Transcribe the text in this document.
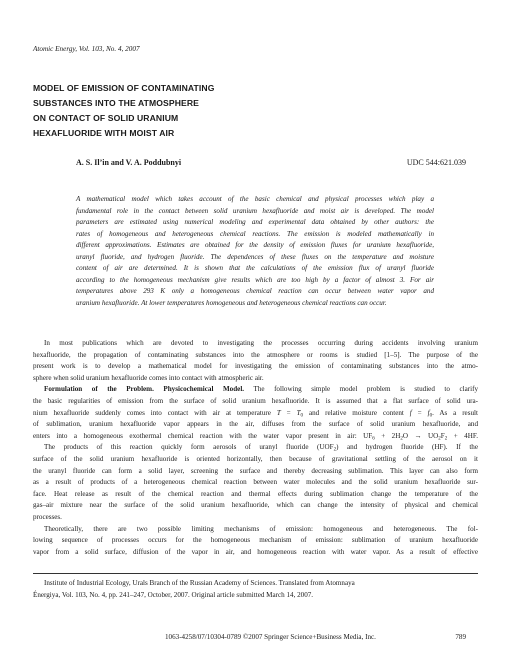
Atomic Energy, Vol. 103, No. 4, 2007
MODEL OF EMISSION OF CONTAMINATING
SUBSTANCES INTO THE ATMOSPHERE
ON CONTACT OF SOLID URANIUM
HEXAFLUORIDE WITH MOIST AIR
A. S. Il’in and V. A. Poddubnyi	UDC 544:621.039
A mathematical model which takes account of the basic chemical and physical processes which play a
fundamental role in the contact between solid uranium hexafluoride and moist air is developed. The model
parameters are estimated using numerical modeling and experimental data obtained by other authors: the
rates of homogeneous and heterogeneous chemical reactions. The emission is modeled mathematically in
different approximations. Estimates are obtained for the density of emission fluxes for uranium hexafluoride,
uranyl fluoride, and hydrogen fluoride. The dependences of these fluxes on the temperature and moisture
content of air are determined. It is shown that the calculations of the emission flux of uranyl fluoride
according to the homogeneous mechanism give results which are too high by a factor of almost 3. For air
temperatures above 293 K only a homogeneous chemical reaction can occur between water vapor and
uranium hexafluoride. At lower temperatures homogeneous and heterogeneous chemical reactions can occur.
In most publications which are devoted to investigating the processes occurring during accidents involving uranium
hexafluoride, the propagation of contaminating substances into the atmosphere or rooms is studied [1–5]. The purpose of the
present work is to develop a mathematical model for investigating the emission of contaminating substances into the atmo-
sphere when solid uranium hexafluoride comes into contact with atmospheric air.
Formulation of the Problem. Physicochemical Model. The following simple model problem is studied to clarify
the basic regularities of emission from the surface of solid uranium hexafluoride. It is assumed that a flat surface of solid ura-
nium hexafluoride suddenly comes into contact with air at temperature $T = T_0$ and relative moisture content $f = f_0$. As a result
of sublimation, uranium hexafluoride vapor appears in the air, diffuses from the surface of solid uranium hexafluoride, and
enters into a homogeneous exothermal chemical reaction with the water vapor present in air: $UF_6 + 2H_2O \to UO_2F_2 + 4HF$.
The products of this reaction quickly form aerosols of uranyl fluoride $(UOF_2)$ and hydrogen fluoride (HF). If the
surface of the solid uranium hexafluoride is oriented horizontally, then because of gravitational settling of the aerosol on it
the uranyl fluoride can form a solid layer, screening the surface and thereby decreasing sublimation. This layer can also form
as a result of products of a heterogeneous chemical reaction between water molecules and the solid uranium hexafluoride sur-
face. Heat release as result of the chemical reaction and thermal effects during sublimation change the temperature of the
gas–air mixture near the surface of the solid uranium hexafluoride, which can change the intensity of physical and chemical
processes.
Theoretically, there are two possible limiting mechanisms of emission: homogeneous and heterogeneous. The fol-
lowing sequence of processes occurs for the homogeneous mechanism of emission: sublimation of uranium hexafluoride
vapor from a solid surface, diffusion of the vapor in air, and homogeneous reaction with water vapor. As a result of effective
Institute of Industrial Ecology, Urals Branch of the Russian Academy of Sciences. Translated from Atomnaya
Énergiya, Vol. 103, No. 4, pp. 241–247, October, 2007. Original article submitted March 14, 2007.
1063-4258/07/10304-0789 ©2007 Springer Science+Business Media, Inc.	789
